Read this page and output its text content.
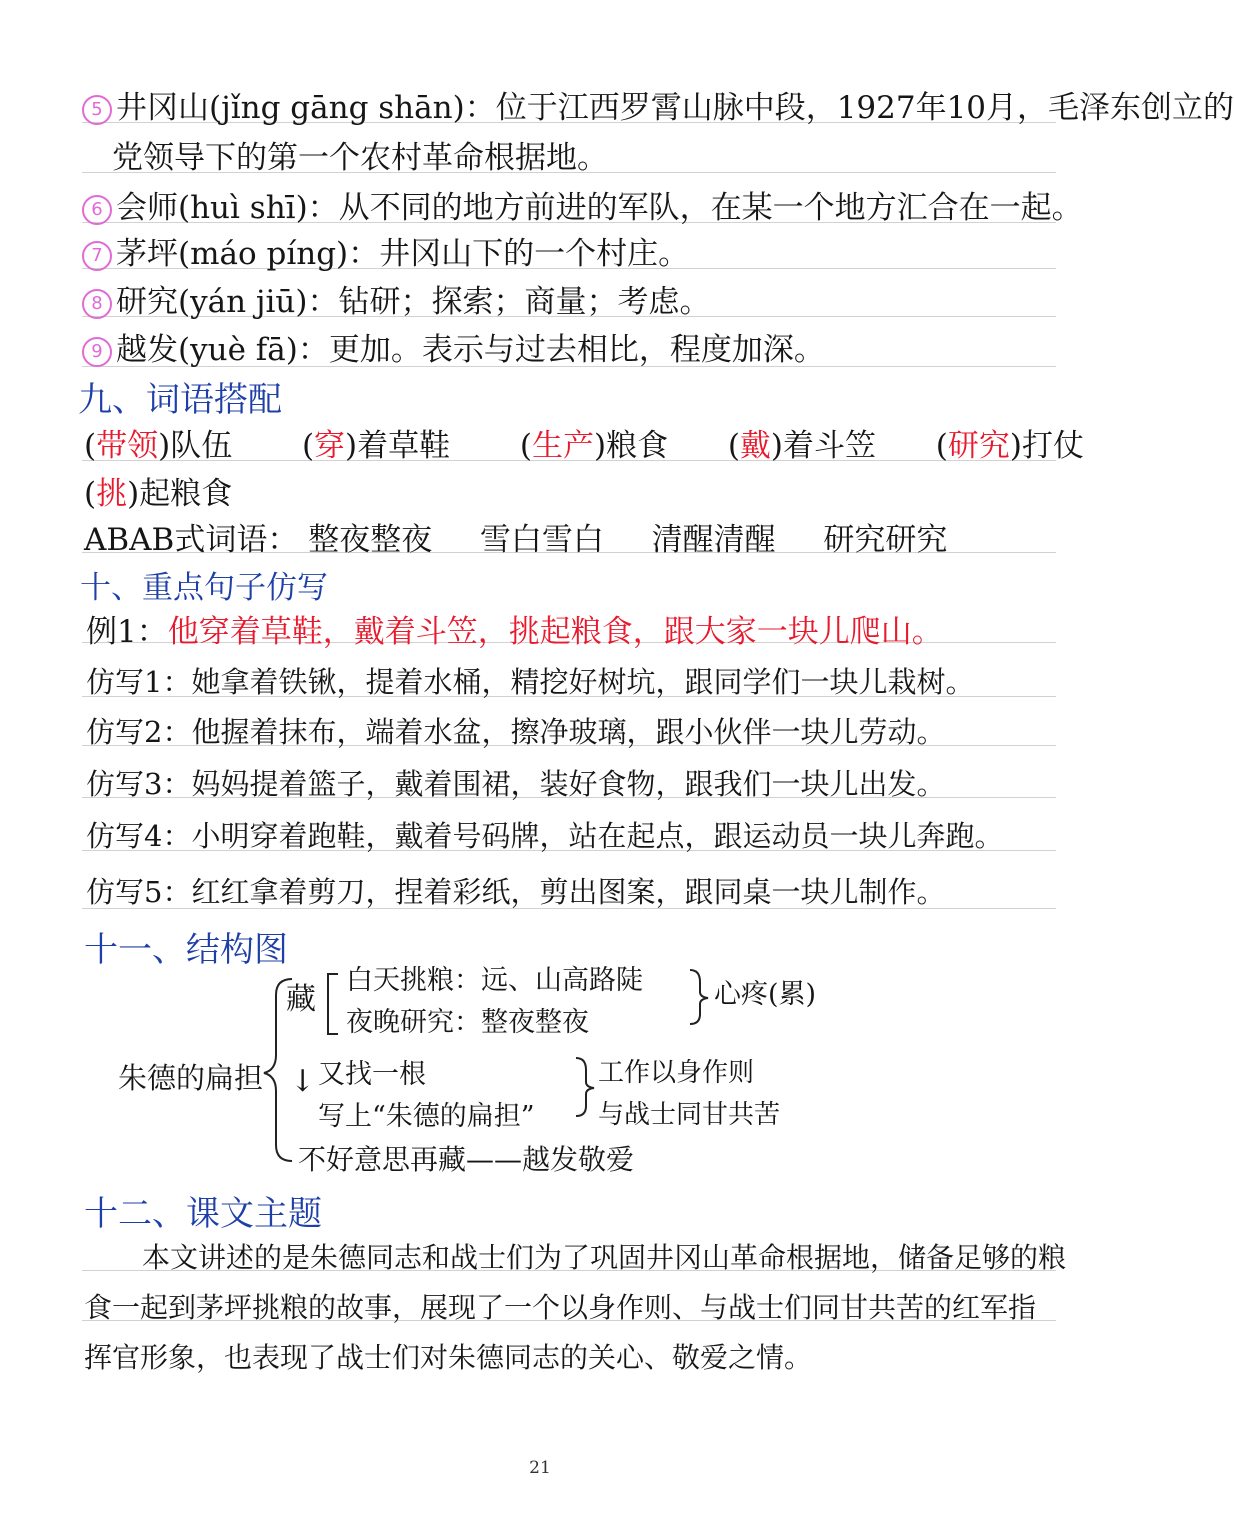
5 井冈山(jǐng gāng shān)：位于江西罗霄山脉中段，1927年10月，毛泽东创立的
党领导下的第一个农村革命根据地。
6 会师(huì shī)：从不同的地方前进的军队，在某一个地方汇合在一起。
7 茅坪(máo píng)：井冈山下的一个村庄。
8 研究(yán jiū)：钻研；探索；商量；考虑。
9 越发(yuè fā)：更加。表示与过去相比，程度加深。
九、词语搭配
(带领)队伍 (穿)着草鞋 (生产)粮食 (戴)着斗笠 (研究)打仗
(挑)起粮食
ABAB式词语： 整夜整夜 雪白雪白 清醒清醒 研究研究
十、重点句子仿写
例1：他穿着草鞋，戴着斗笠，挑起粮食，跟大家一块儿爬山。
仿写1：她拿着铁锹，提着水桶，精挖好树坑，跟同学们一块儿栽树。
仿写2：他握着抹布，端着水盆，擦净玻璃，跟小伙伴一块儿劳动。
仿写3：妈妈提着篮子，戴着围裙，装好食物，跟我们一块儿出发。
仿写4：小明穿着跑鞋，戴着号码牌，站在起点，跟运动员一块儿奔跑。
仿写5：红红拿着剪刀，捏着彩纸，剪出图案，跟同桌一块儿制作。
十一、结构图
朱德的扁担
藏
白天挑粮：远、山高路陡
夜晚研究：整夜整夜
心疼(累)
↓ 又找一根
写上“朱德的扁担”
工作以身作则
与战士同甘共苦
不好意思再藏——越发敬爱
十二、课文主题
本文讲述的是朱德同志和战士们为了巩固井冈山革命根据地，储备足够的粮
食一起到茅坪挑粮的故事，展现了一个以身作则、与战士们同甘共苦的红军指
挥官形象，也表现了战士们对朱德同志的关心、敬爱之情。
21
